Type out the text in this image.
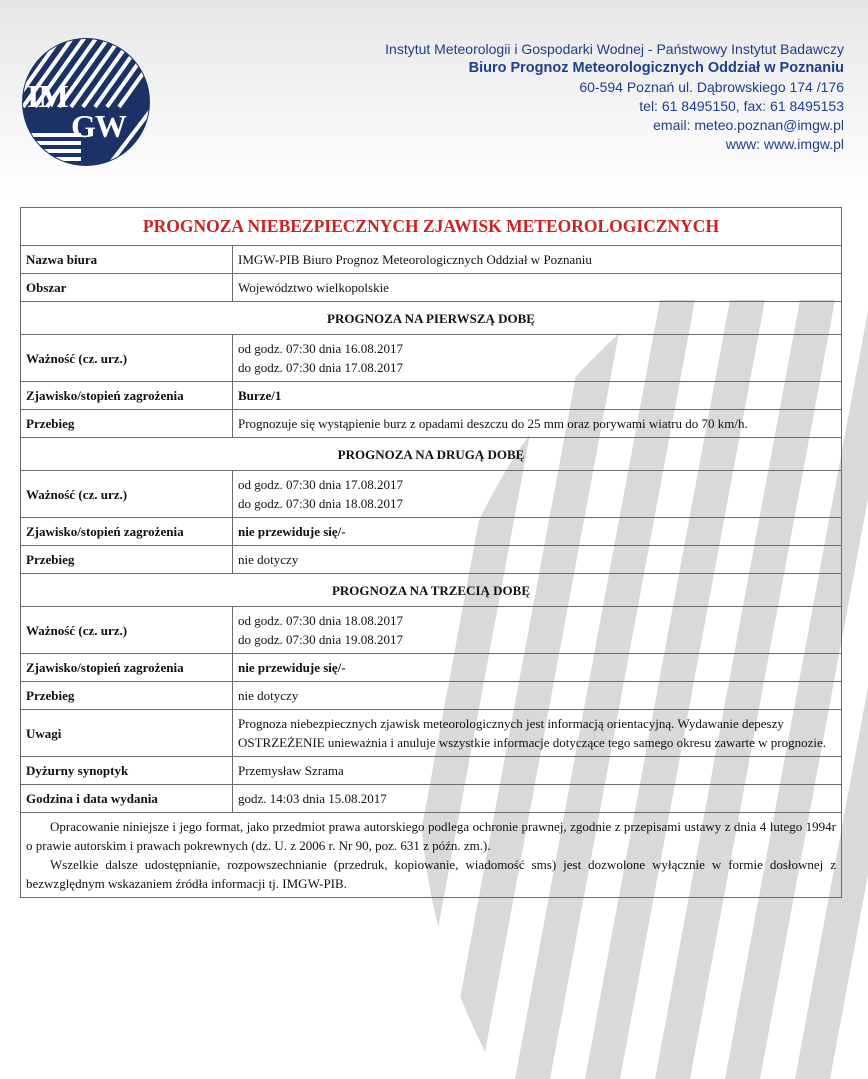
IM
GW
Instytut Meteorologii i Gospodarki Wodnej - Państwowy Instytut Badawczy
Biuro Prognoz Meteorologicznych Oddział w Poznaniu
60-594 Poznań ul. Dąbrowskiego 174 /176
tel: 61 8495150, fax: 61 8495153
email: meteo.poznan@imgw.pl
www: www.imgw.pl
PROGNOZA NIEBEZPIECZNYCH ZJAWISK METEOROLOGICZNYCH	
Nazwa biura	IMGW-PIB Biuro Prognoz Meteorologicznych Oddział w Poznaniu
Obszar	Województwo wielkopolskie
PROGNOZA NA PIERWSZĄ DOBĘ	
Ważność (cz. urz.)	od godz. 07:30 dnia 16.08.2017
do godz. 07:30 dnia 17.08.2017

Zjawisko/stopień zagrożenia	Burze/1
Przebieg	Prognozuje się wystąpienie burz z opadami deszczu do 25 mm oraz porywami wiatru do 70 km/h.
PROGNOZA NA DRUGĄ DOBĘ	
Ważność (cz. urz.)	od godz. 07:30 dnia 17.08.2017
do godz. 07:30 dnia 18.08.2017

Zjawisko/stopień zagrożenia	nie przewiduje się/-
Przebieg	nie dotyczy
PROGNOZA NA TRZECIĄ DOBĘ	
Ważność (cz. urz.)	od godz. 07:30 dnia 18.08.2017
do godz. 07:30 dnia 19.08.2017

Zjawisko/stopień zagrożenia	nie przewiduje się/-
Przebieg	nie dotyczy
Uwagi	Prognoza niebezpiecznych zjawisk meteorologicznych jest informacją orientacyjną. Wydawanie depeszy OSTRZEŻENIE unieważnia i anuluje wszystkie informacje dotyczące tego samego okresu zawarte w prognozie.
Dyżurny synoptyk	Przemysław Szrama
Godzina i data wydania	godz. 14:03 dnia 15.08.2017

Opracowanie niniejsze i jego format, jako przedmiot prawa autorskiego podlega ochronie prawnej, zgodnie z przepisami ustawy z dnia 4 lutego 1994r o prawie autorskim i prawach pokrewnych (dz. U. z 2006 r. Nr 90, poz. 631 z późn. zm.).

Wszelkie dalsze udostępnianie, rozpowszechnianie (przedruk, kopiowanie, wiadomość sms) jest dozwolone wyłącznie w formie dosłownej z bezwzględnym wskazaniem źródła informacji tj. IMGW-PIB.	
